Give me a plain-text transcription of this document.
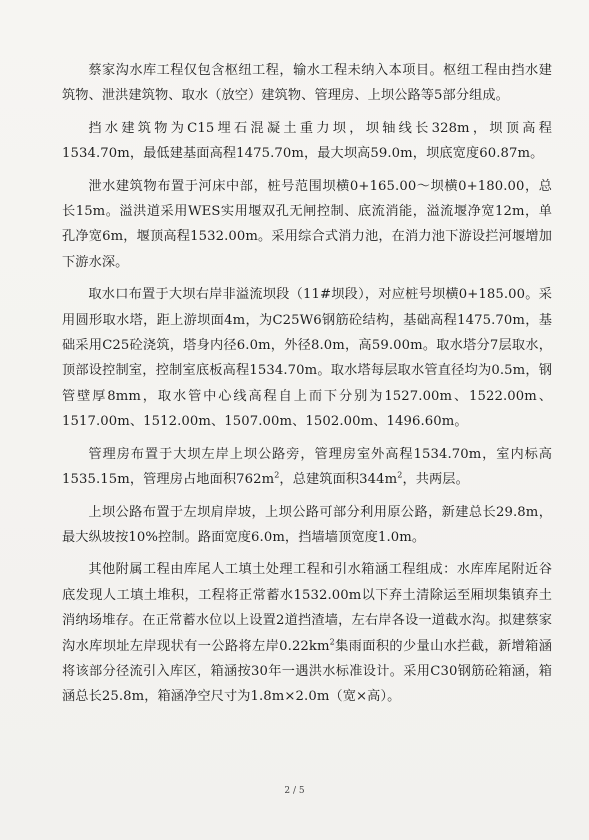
蔡家沟水库工程仅包含枢纽工程，输水工程未纳入本项目。枢纽工程由挡水建筑物、泄洪建筑物、取水（放空）建筑物、管理房、上坝公路等5部分组成。

挡水建筑物为C15埋石混凝土重力坝，坝轴线长328m，坝顶高程1534.70m，最低建基面高程1475.70m，最大坝高59.0m，坝底宽度60.87m。

泄水建筑物布置于河床中部，桩号范围坝横0+165.00～坝横0+180.00，总长15m。溢洪道采用WES实用堰双孔无闸控制、底流消能，溢流堰净宽12m，单孔净宽6m，堰顶高程1532.00m。采用综合式消力池，在消力池下游设拦河堰增加下游水深。

取水口布置于大坝右岸非溢流坝段（11#坝段），对应桩号坝横0+185.00。采用圆形取水塔，距上游坝面4m，为C25W6钢筋砼结构，基础高程1475.70m，基础采用C25砼浇筑，塔身内径6.0m，外径8.0m，高59.00m。取水塔分7层取水，顶部设控制室，控制室底板高程1534.70m。取水塔每层取水管直径均为0.5m，钢管壁厚8mm，取水管中心线高程自上而下分别为1527.00m、1522.00m、1517.00m、1512.00m、1507.00m、1502.00m、1496.60m。

管理房布置于大坝左岸上坝公路旁，管理房室外高程1534.70m，室内标高1535.15m，管理房占地面积$762m^2$，总建筑面积$344m^2$，共两层。

上坝公路布置于左坝肩岸坡，上坝公路可部分利用原公路，新建总长29.8m，最大纵坡按10%控制。路面宽度6.0m，挡墙墙顶宽度1.0m。

其他附属工程由库尾人工填土处理工程和引水箱涵工程组成：水库库尾附近谷底发现人工填土堆积，工程将正常蓄水1532.00m以下弃土清除运至厢坝集镇弃土消纳场堆存。在正常蓄水位以上设置2道挡渣墙，左右岸各设一道截水沟。拟建蔡家沟水库坝址左岸现状有一公路将左岸$0.22km^2$集雨面积的少量山水拦截，新增箱涵将该部分径流引入库区，箱涵按30年一遇洪水标准设计。采用C30钢筋砼箱涵，箱涵总长25.8m，箱涵净空尺寸为1.8m×2.0m（宽×高）。

2 / 5
